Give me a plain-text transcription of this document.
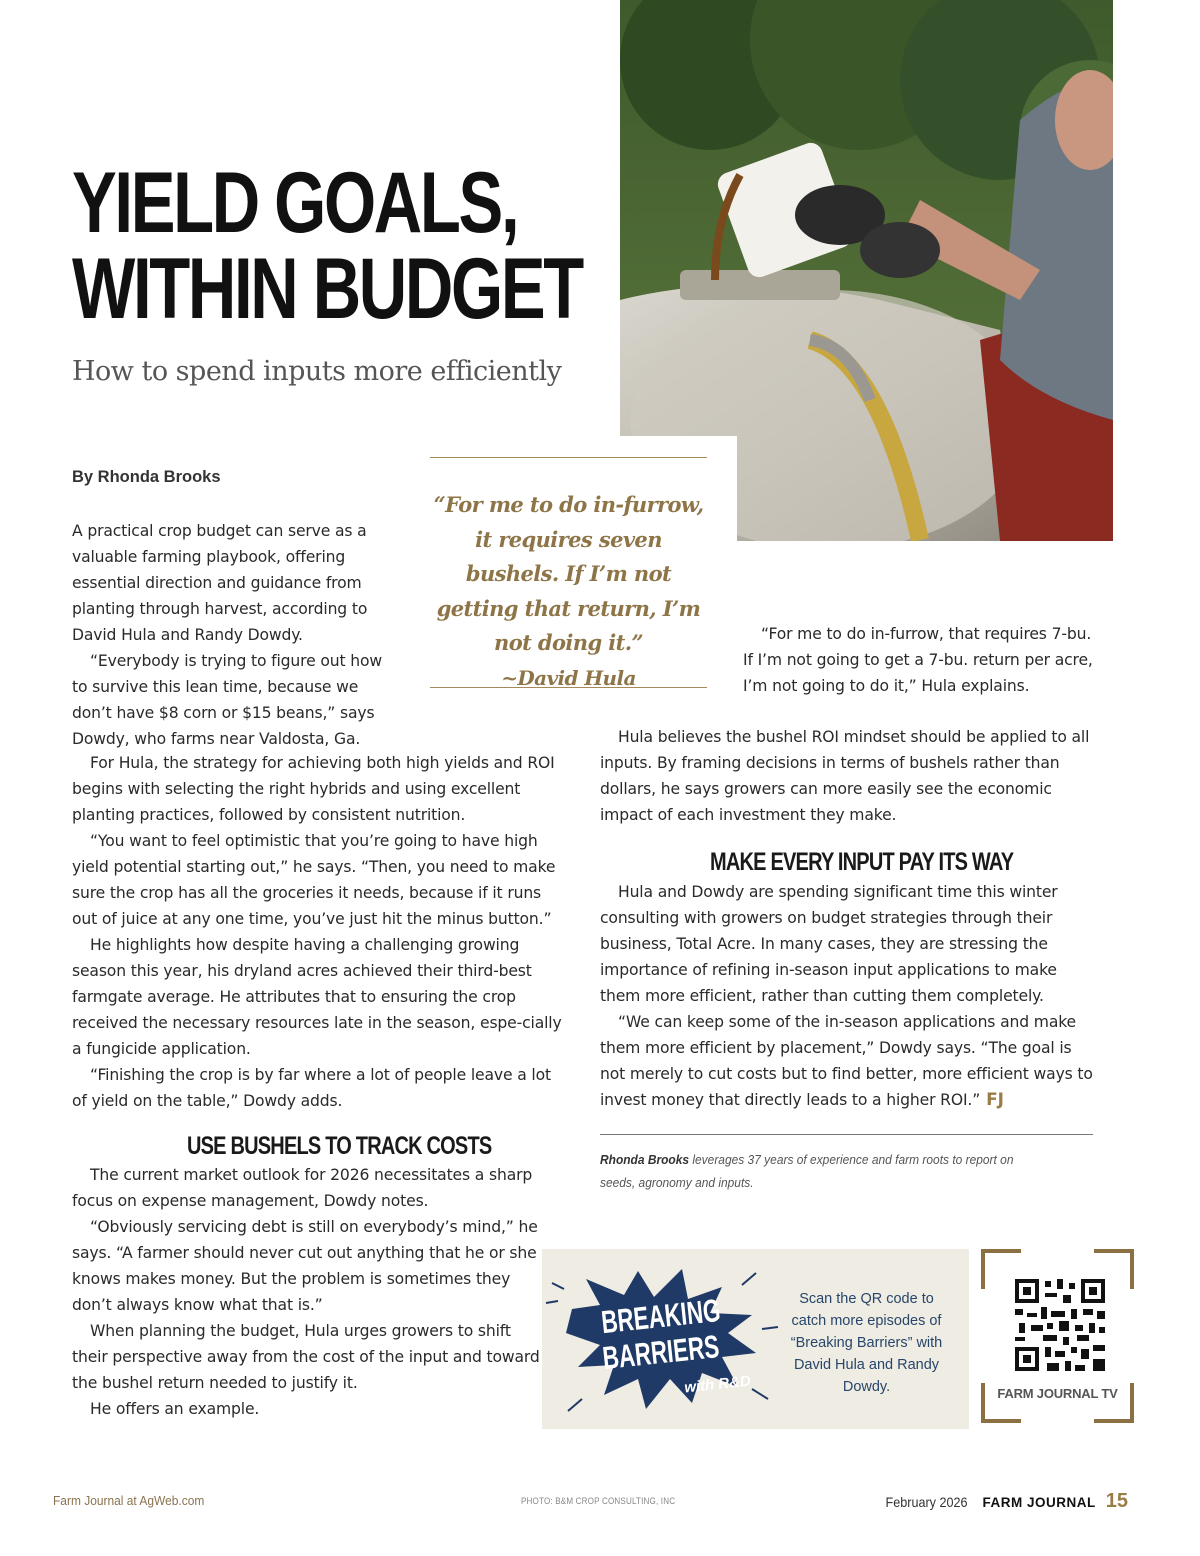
YIELD GOALS,
WITHIN BUDGET
How to spend inputs more efficiently
By Rhonda Brooks
“For me to do in-furrow, it requires seven bushels. If I’m not getting that return, I’m not doing it.”
~David Hula

A practical crop budget can serve as a valuable farming playbook, offering essential direction and guidance from planting through harvest, according to David Hula and Randy Dowdy.

“Everybody is trying to figure out how to survive this lean time, because we don’t have $8 corn or $15 beans,” says Dowdy, who farms near Valdosta, Ga.

For Hula, the strategy for achieving both high yields and ROI begins with selecting the right hybrids and using excellent planting practices, followed by consistent nutrition.

“You want to feel optimistic that you’re going to have high yield potential starting out,” he says. “Then, you need to make sure the crop has all the groceries it needs, because if it runs out of juice at any one time, you’ve just hit the minus button.”

He highlights how despite having a challenging growing season this year, his dryland acres achieved their third-best farmgate average. He attributes that to ensuring the crop received the necessary resources late in the season, espe-cially a fungicide application.

“Finishing the crop is by far where a lot of people leave a lot of yield on the table,” Dowdy adds.

USE BUSHELS TO TRACK COSTS

The current market outlook for 2026 necessitates a sharp focus on expense management, Dowdy notes.

“Obviously servicing debt is still on everybody’s mind,” he says. “A farmer should never cut out anything that he or she knows makes money. But the problem is sometimes they don’t always know what that is.”

When planning the budget, Hula urges growers to shift their perspective away from the cost of the input and toward the bushel return needed to justify it.

He offers an example.

“For me to do in-furrow, that requires 7-bu. If I’m not going to get a 7-bu. return per acre, I’m not going to do it,” Hula explains.

Hula believes the bushel ROI mindset should be applied to all inputs. By framing decisions in terms of bushels rather than dollars, he says growers can more easily see the economic impact of each investment they make.

MAKE EVERY INPUT PAY ITS WAY

Hula and Dowdy are spending significant time this winter consulting with growers on budget strategies through their business, Total Acre. In many cases, they are stressing the importance of refining in-season input applications to make them more efficient, rather than cutting them completely.

“We can keep some of the in-season applications and make them more efficient by placement,” Dowdy says. “The goal is not merely to cut costs but to find better, more efficient ways to invest money that directly leads to a higher ROI.” FJ

Rhonda Brooks leverages 37 years of experience and farm roots to report on seeds, agronomy and inputs.
BREAKING
BARRIERS
with R&D
Scan the QR code to catch more episodes of “Breaking Barriers” with David Hula and Randy Dowdy.	FARM JOURNAL TV
Farm Journal at AgWeb.com	PHOTO: B&M CROP CONSULTING, INC	February 2026 FARM JOURNAL 15
